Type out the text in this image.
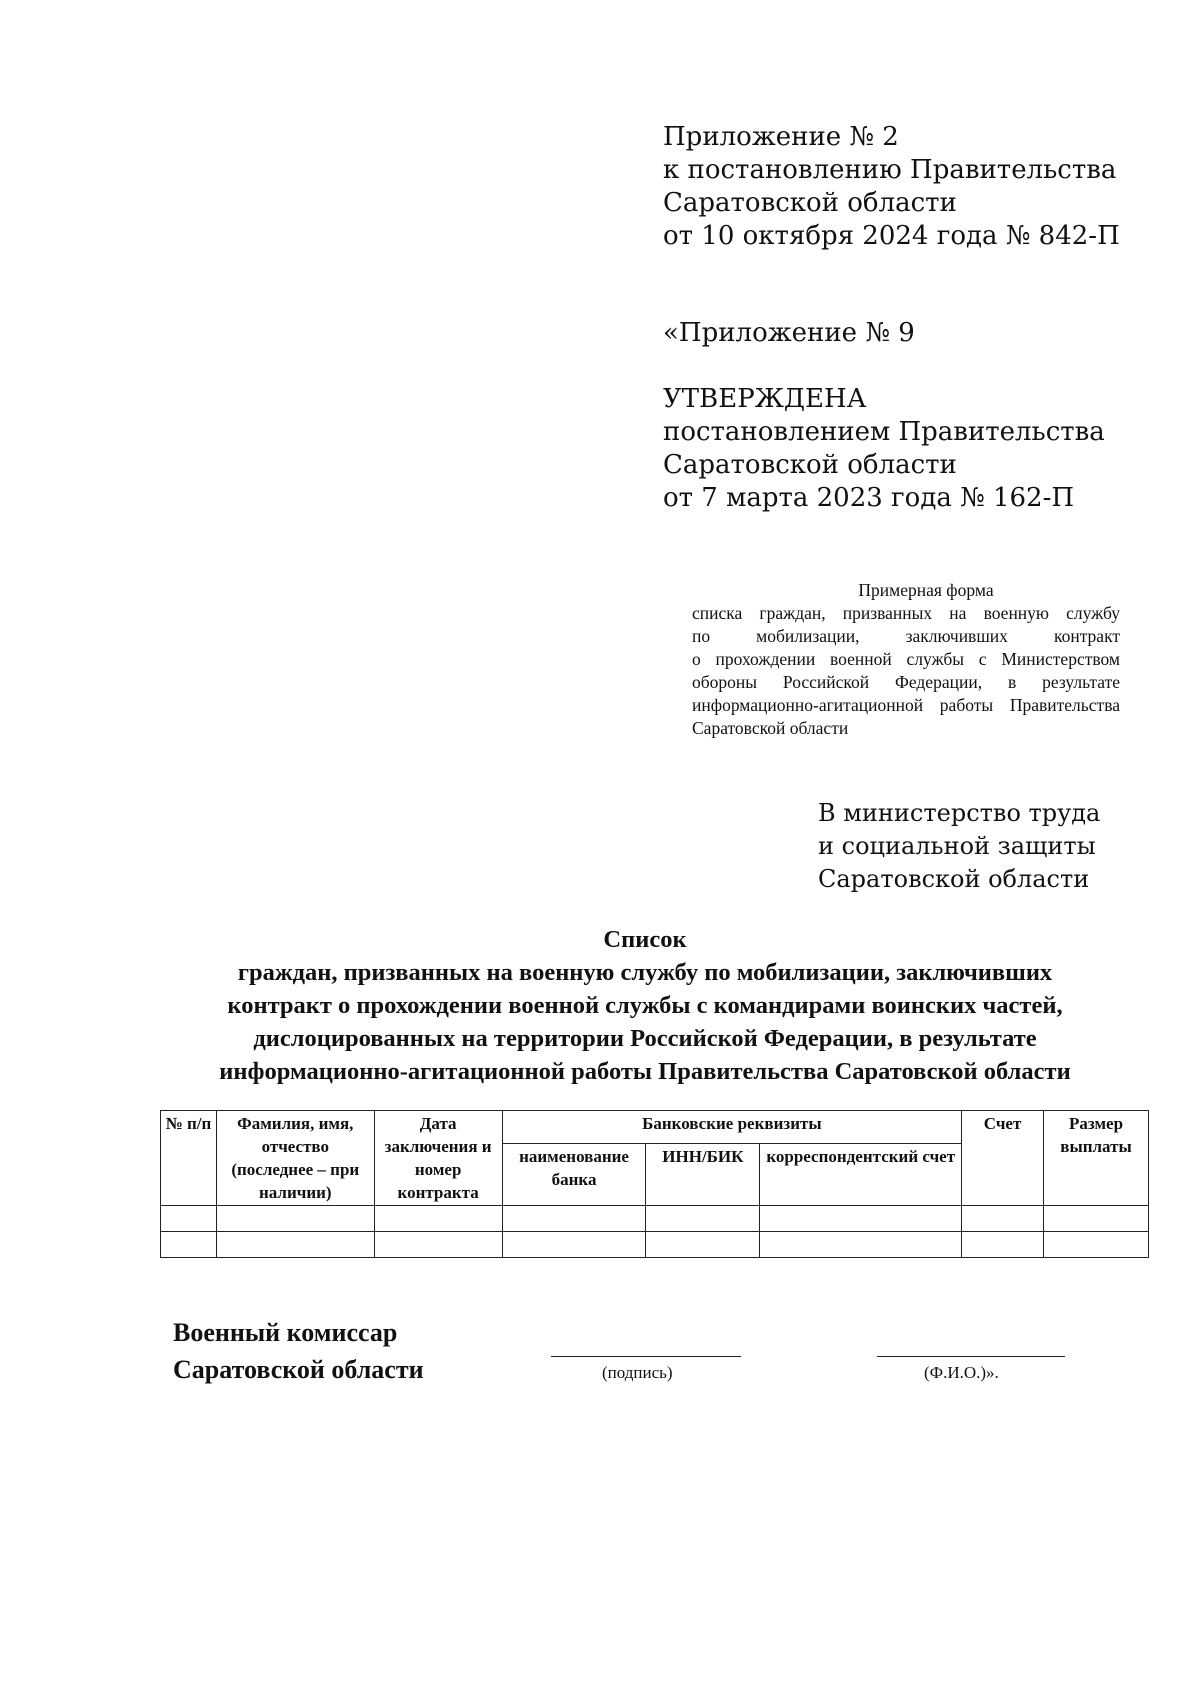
Приложение № 2
к постановлению Правительства
Саратовской области
от 10 октября 2024 года № 842-П
«Приложение № 9
УТВЕРЖДЕНА
постановлением Правительства
Саратовской области
от 7 марта 2023 года № 162-П
Примерная форма
списка граждан, призванных на военную службу
по мобилизации, заключивших контракт
о прохождении военной службы с Министерством
обороны Российской Федерации, в результате
информационно-агитационной работы Правительства
Саратовской области
В министерство труда
и социальной защиты
Саратовской области
Список
граждан, призванных на военную службу по мобилизации, заключивших
контракт о прохождении военной службы с командирами воинских частей,
дислоцированных на территории Российской Федерации, в результате
информационно-агитационной работы Правительства Саратовской области
№ п/п	Фамилия, имя, отчество (последнее – при наличии)	Дата заключения и номер контракта	Банковские реквизиты			Счет	Размер выплаты
			наименование банка	ИНН/БИК	корреспондентский счет		

Военный комиссар
Саратовской области	(подпись)	(Ф.И.О.)».
